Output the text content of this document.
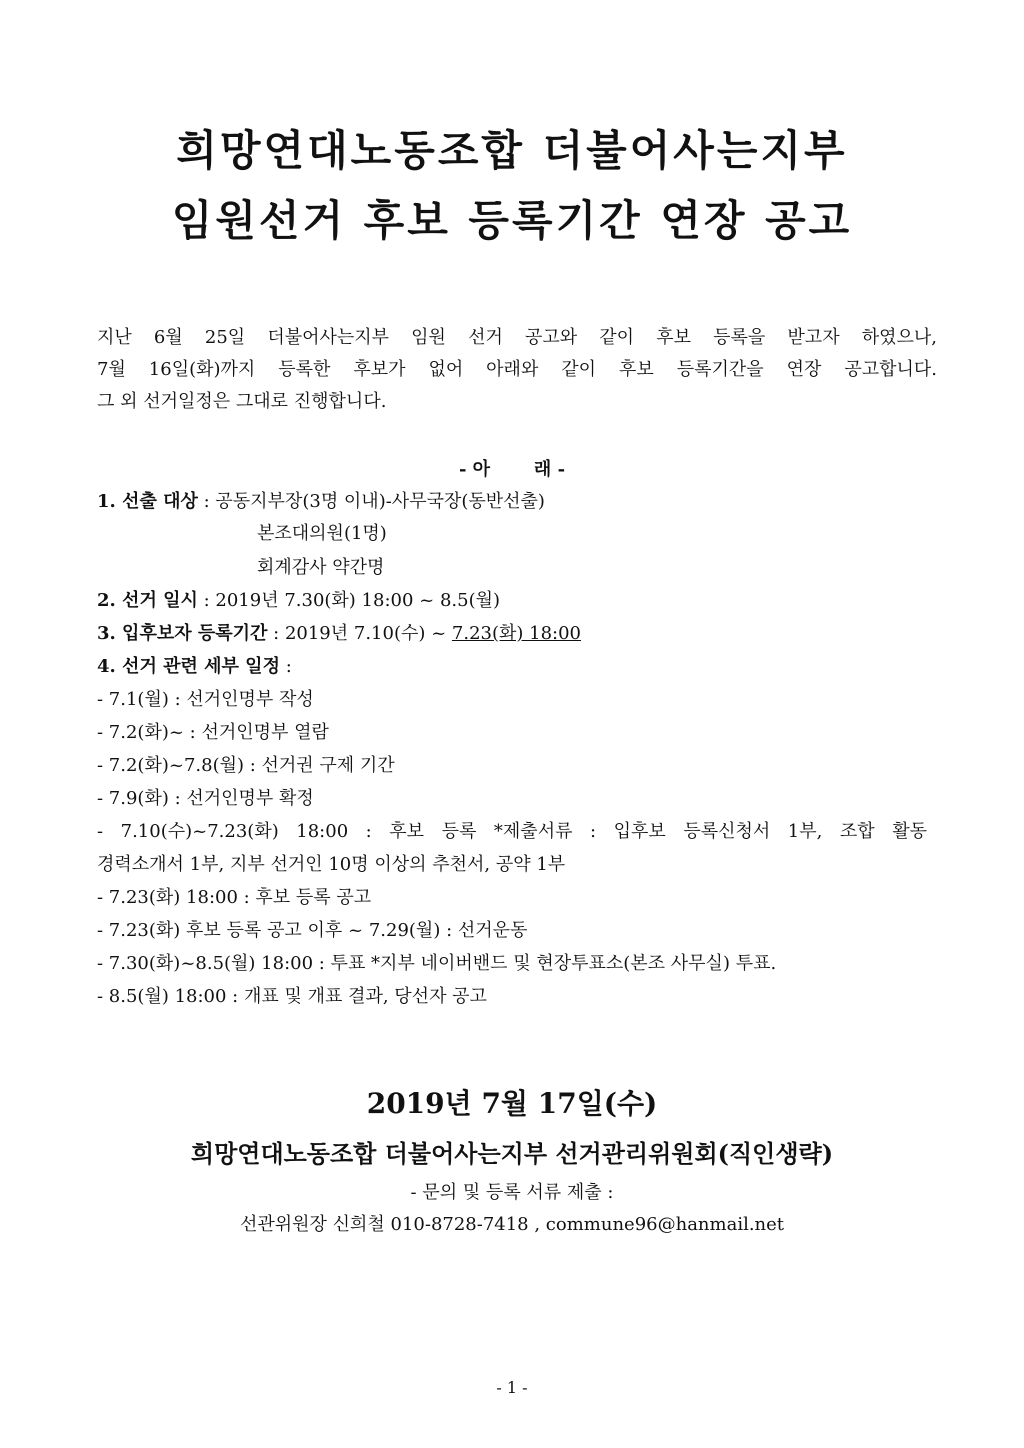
희망연대노동조합 더불어사는지부
임원선거 후보 등록기간 연장 공고
지난 6월 25일 더불어사는지부 임원 선거 공고와 같이 후보 등록을 받고자 하였으나,
7월 16일(화)까지 등록한 후보가 없어 아래와 같이 후보 등록기간을 연장 공고합니다.
그 외 선거일정은 그대로 진행합니다.
- 아       래 -
1. 선출 대상 : 공동지부장(3명 이내)-사무국장(동반선출)
본조대의원(1명)
회계감사 약간명
2. 선거 일시 : 2019년 7.30(화) 18:00 ~ 8.5(월)
3. 입후보자 등록기간 : 2019년 7.10(수) ~ 7.23(화) 18:00
4. 선거 관련 세부 일정 :
- 7.1(월) : 선거인명부 작성
- 7.2(화)~ : 선거인명부 열람
- 7.2(화)~7.8(월) : 선거권 구제 기간
- 7.9(화) : 선거인명부 확정
- 7.10(수)~7.23(화) 18:00 : 후보 등록 *제출서류 : 입후보 등록신청서 1부, 조합 활동
경력소개서 1부, 지부 선거인 10명 이상의 추천서, 공약 1부
- 7.23(화) 18:00 : 후보 등록 공고
- 7.23(화) 후보 등록 공고 이후 ~ 7.29(월) : 선거운동
- 7.30(화)~8.5(월) 18:00 : 투표 *지부 네이버밴드 및 현장투표소(본조 사무실) 투표.
- 8.5(월) 18:00 : 개표 및 개표 결과, 당선자 공고
2019년 7월 17일(수)
희망연대노동조합 더불어사는지부 선거관리위원회(직인생략)
- 문의 및 등록 서류 제출 :
선관위원장 신희철 010-8728-7418 , commune96@hanmail.net
- 1 -
